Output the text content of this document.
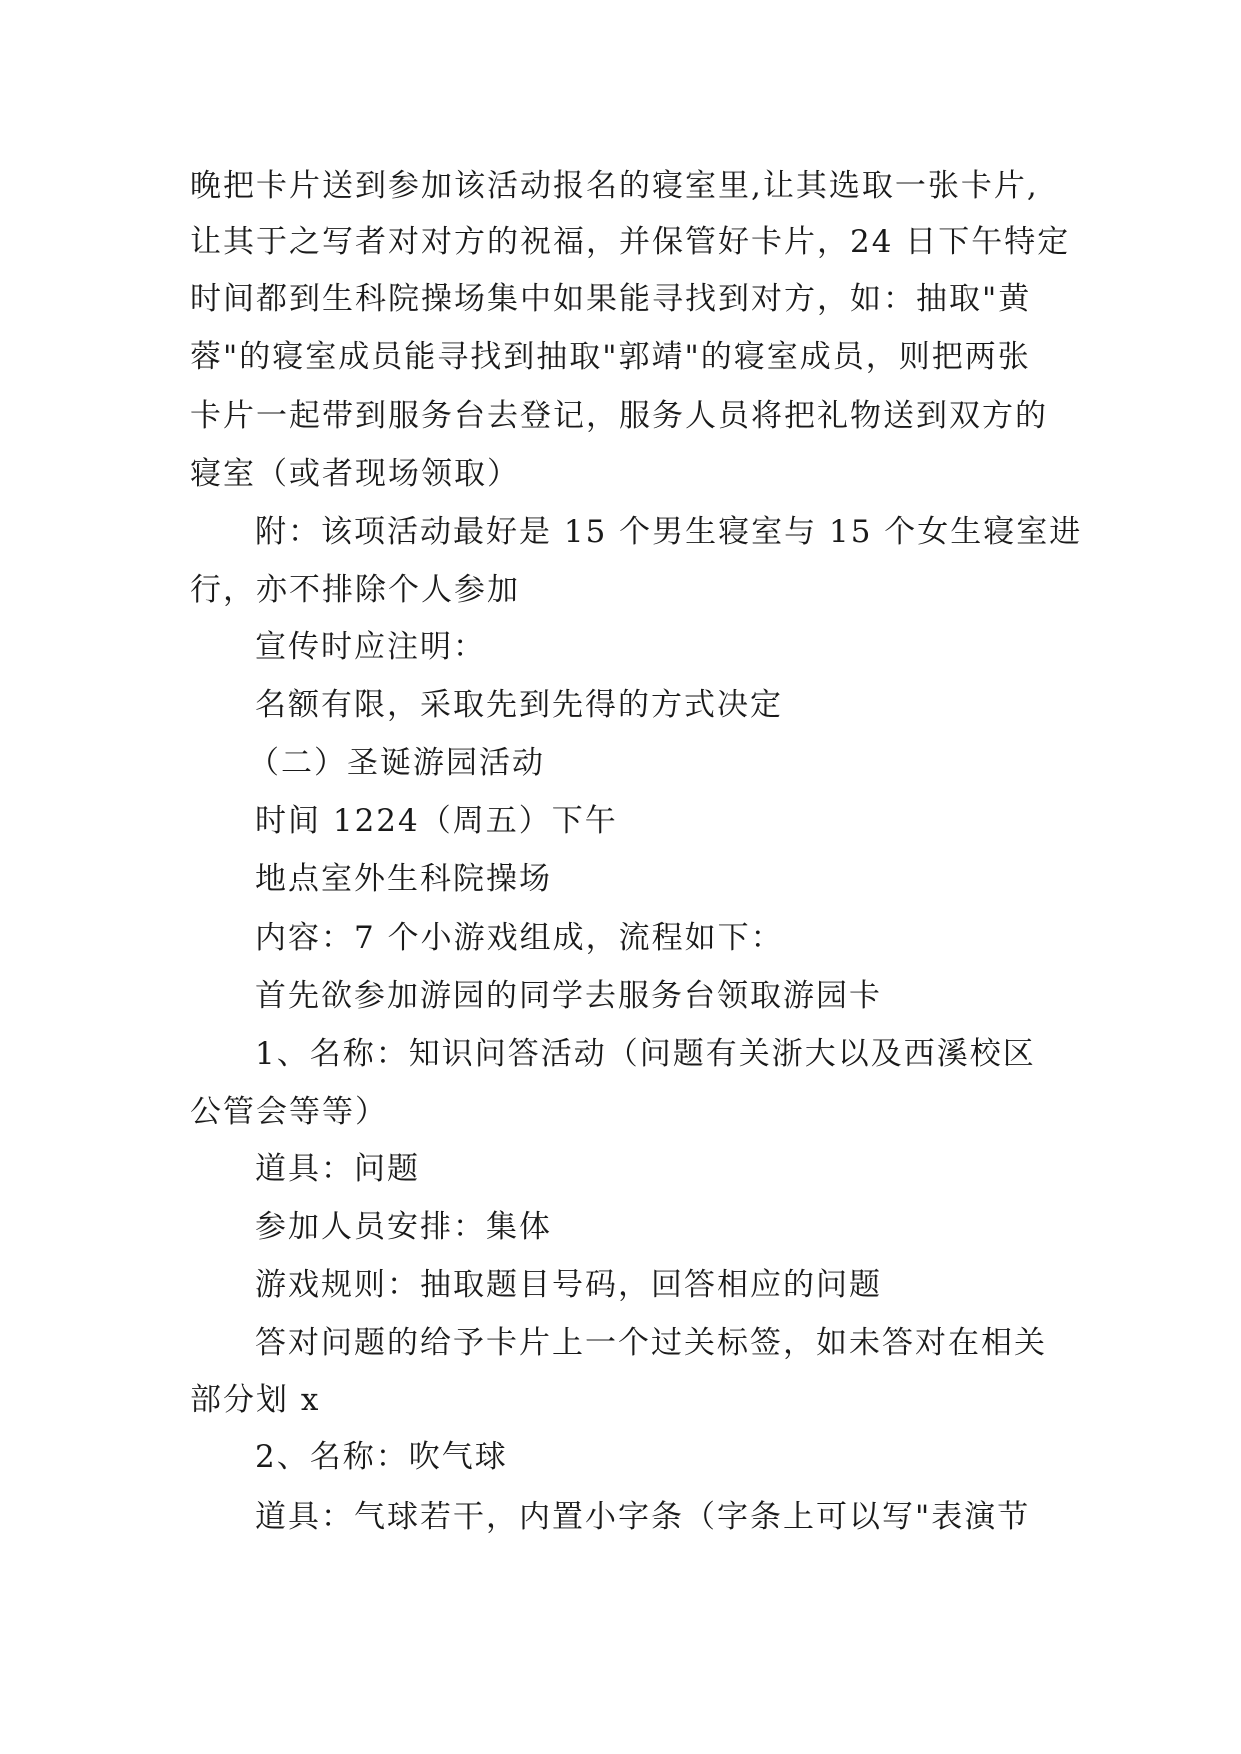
晚把卡片送到参加该活动报名的寝室里,让其选取一张卡片,
让其于之写者对对方的祝福，并保管好卡片，24 日下午特定
时间都到生科院操场集中如果能寻找到对方，如：抽取"黄
蓉"的寝室成员能寻找到抽取"郭靖"的寝室成员，则把两张
卡片一起带到服务台去登记，服务人员将把礼物送到双方的
寝室（或者现场领取）
附：该项活动最好是 15 个男生寝室与 15 个女生寝室进
行，亦不排除个人参加
宣传时应注明：
名额有限，采取先到先得的方式决定
（二）圣诞游园活动
时间 1224（周五）下午
地点室外生科院操场
内容：7 个小游戏组成，流程如下：
首先欲参加游园的同学去服务台领取游园卡
1、名称：知识问答活动（问题有关浙大以及西溪校区
公管会等等）
道具：问题
参加人员安排：集体
游戏规则：抽取题目号码，回答相应的问题
答对问题的给予卡片上一个过关标签，如未答对在相关
部分划 x
2、名称：吹气球
道具：气球若干，内置小字条（字条上可以写"表演节
